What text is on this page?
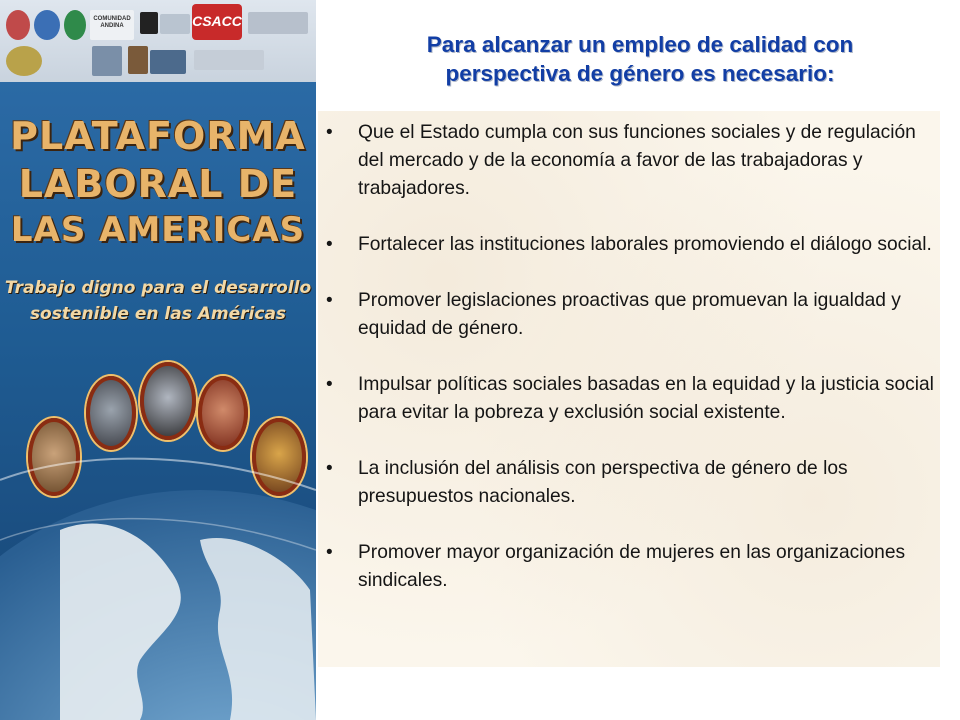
COMUNIDAD ANDINA	CSACC
PLATAFORMA
LABORAL DE
LAS AMERICAS
Trabajo digno para el desarrollo
sostenible en las Américas
Para alcanzar un empleo de calidad con
perspectiva de género es necesario:
• Que el Estado cumpla con sus funciones sociales y de regulación del mercado y de la economía a favor de las trabajadoras y trabajadores.
• Fortalecer las instituciones laborales promoviendo el diálogo social.
• Promover legislaciones proactivas que promuevan la igualdad y equidad de género.
• Impulsar políticas sociales basadas en la equidad y la justicia social para evitar la pobreza y exclusión social existente.
• La inclusión del análisis con perspectiva de género de los presupuestos nacionales.
• Promover mayor organización de mujeres en las organizaciones sindicales.
